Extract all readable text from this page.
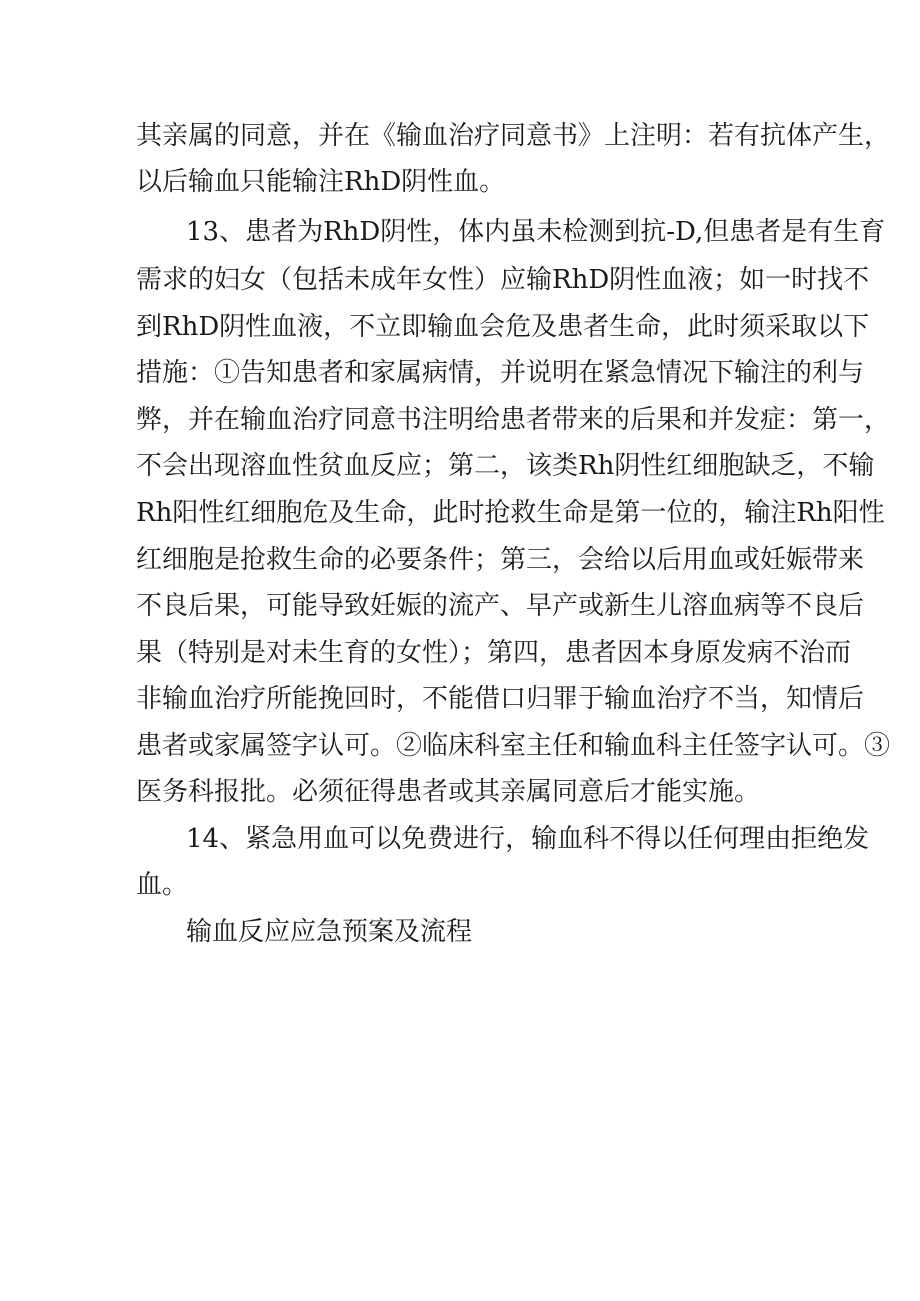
其亲属的同意，并在《输血治疗同意书》上注明：若有抗体产生，
以后输血只能输注RhD阴性血。
13、患者为RhD阴性，体内虽未检测到抗-D,但患者是有生育
需求的妇女（包括未成年女性）应输RhD阴性血液；如一时找不
到RhD阴性血液，不立即输血会危及患者生命，此时须采取以下
措施：①告知患者和家属病情，并说明在紧急情况下输注的利与
弊，并在输血治疗同意书注明给患者带来的后果和并发症：第一，
不会出现溶血性贫血反应；第二，该类Rh阴性红细胞缺乏，不输
Rh阳性红细胞危及生命，此时抢救生命是第一位的，输注Rh阳性
红细胞是抢救生命的必要条件；第三，会给以后用血或妊娠带来
不良后果，可能导致妊娠的流产、早产或新生儿溶血病等不良后
果（特别是对未生育的女性）；第四，患者因本身原发病不治而
非输血治疗所能挽回时，不能借口归罪于输血治疗不当，知情后
患者或家属签字认可。②临床科室主任和输血科主任签字认可。③
医务科报批。必须征得患者或其亲属同意后才能实施。
14、紧急用血可以免费进行，输血科不得以任何理由拒绝发
血。
输血反应应急预案及流程
